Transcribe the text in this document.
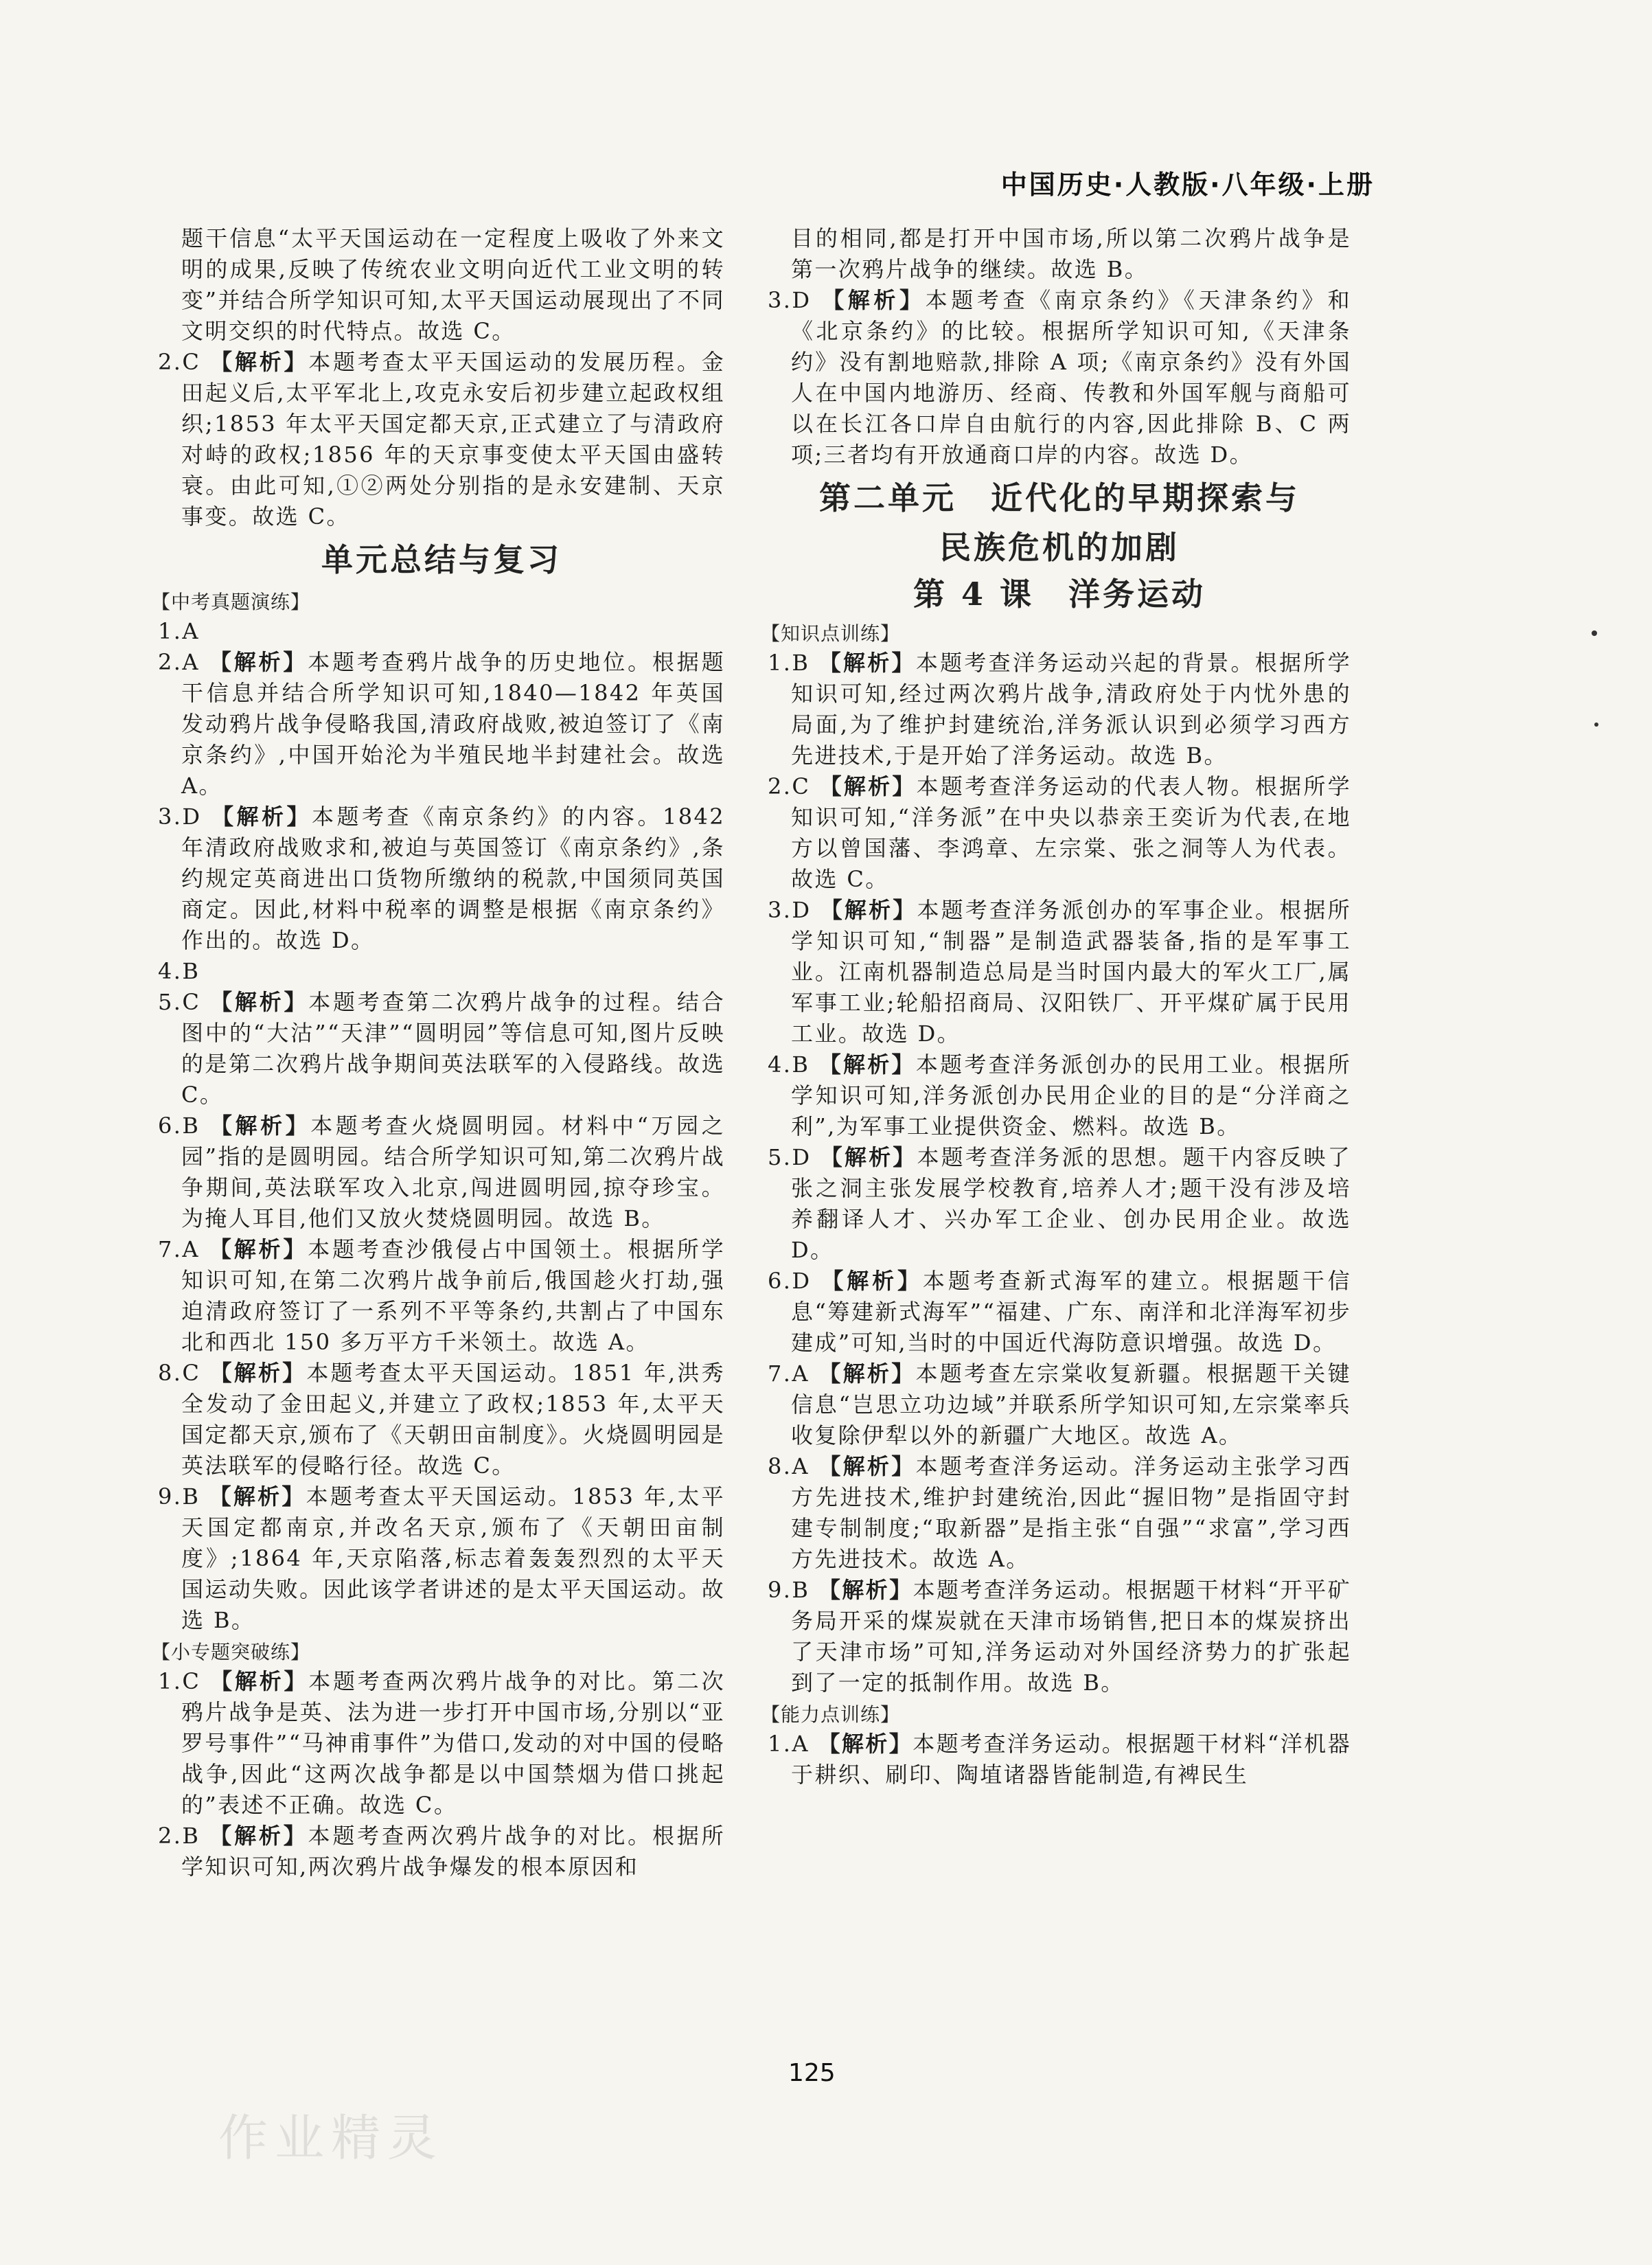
中国历史·人教版·八年级·上册

题干信息“太平天国运动在一定程度上吸收了外来文明的成果,反映了传统农业文明向近代工业文明的转变”并结合所学知识可知,太平天国运动展现出了不同文明交织的时代特点。故选 C。

2.C 【解析】本题考查太平天国运动的发展历程。金田起义后,太平军北上,攻克永安后初步建立起政权组织;1853 年太平天国定都天京,正式建立了与清政府对峙的政权;1856 年的天京事变使太平天国由盛转衰。由此可知,①②两处分别指的是永安建制、天京事变。故选 C。

单元总结与复习
【中考真题演练】

1.A

2.A 【解析】本题考查鸦片战争的历史地位。根据题干信息并结合所学知识可知,1840—1842 年英国发动鸦片战争侵略我国,清政府战败,被迫签订了《南京条约》,中国开始沦为半殖民地半封建社会。故选 A。

3.D 【解析】本题考查《南京条约》的内容。1842 年清政府战败求和,被迫与英国签订《南京条约》,条约规定英商进出口货物所缴纳的税款,中国须同英国商定。因此,材料中税率的调整是根据《南京条约》作出的。故选 D。

4.B

5.C 【解析】本题考查第二次鸦片战争的过程。结合图中的“大沽”“天津”“圆明园”等信息可知,图片反映的是第二次鸦片战争期间英法联军的入侵路线。故选 C。

6.B 【解析】本题考查火烧圆明园。材料中“万园之园”指的是圆明园。结合所学知识可知,第二次鸦片战争期间,英法联军攻入北京,闯进圆明园,掠夺珍宝。为掩人耳目,他们又放火焚烧圆明园。故选 B。

7.A 【解析】本题考查沙俄侵占中国领土。根据所学知识可知,在第二次鸦片战争前后,俄国趁火打劫,强迫清政府签订了一系列不平等条约,共割占了中国东北和西北 150 多万平方千米领土。故选 A。

8.C 【解析】本题考查太平天国运动。1851 年,洪秀全发动了金田起义,并建立了政权;1853 年,太平天国定都天京,颁布了《天朝田亩制度》。火烧圆明园是英法联军的侵略行径。故选 C。

9.B 【解析】本题考查太平天国运动。1853 年,太平天国定都南京,并改名天京,颁布了《天朝田亩制度》;1864 年,天京陷落,标志着轰轰烈烈的太平天国运动失败。因此该学者讲述的是太平天国运动。故选 B。

【小专题突破练】

1.C 【解析】本题考查两次鸦片战争的对比。第二次鸦片战争是英、法为进一步打开中国市场,分别以“亚罗号事件”“马神甫事件”为借口,发动的对中国的侵略战争,因此“这两次战争都是以中国禁烟为借口挑起的”表述不正确。故选 C。

2.B 【解析】本题考查两次鸦片战争的对比。根据所学知识可知,两次鸦片战争爆发的根本原因和

目的相同,都是打开中国市场,所以第二次鸦片战争是第一次鸦片战争的继续。故选 B。

3.D 【解析】本题考查《南京条约》《天津条约》和《北京条约》的比较。根据所学知识可知,《天津条约》没有割地赔款,排除 A 项;《南京条约》没有外国人在中国内地游历、经商、传教和外国军舰与商船可以在长江各口岸自由航行的内容,因此排除 B、C 两项;三者均有开放通商口岸的内容。故选 D。

第二单元　近代化的早期探索与
民族危机的加剧
第 4 课　洋务运动
【知识点训练】

1.B 【解析】本题考查洋务运动兴起的背景。根据所学知识可知,经过两次鸦片战争,清政府处于内忧外患的局面,为了维护封建统治,洋务派认识到必须学习西方先进技术,于是开始了洋务运动。故选 B。

2.C 【解析】本题考查洋务运动的代表人物。根据所学知识可知,“洋务派”在中央以恭亲王奕䜣为代表,在地方以曾国藩、李鸿章、左宗棠、张之洞等人为代表。故选 C。

3.D 【解析】本题考查洋务派创办的军事企业。根据所学知识可知,“制器”是制造武器装备,指的是军事工业。江南机器制造总局是当时国内最大的军火工厂,属军事工业;轮船招商局、汉阳铁厂、开平煤矿属于民用工业。故选 D。

4.B 【解析】本题考查洋务派创办的民用工业。根据所学知识可知,洋务派创办民用企业的目的是“分洋商之利”,为军事工业提供资金、燃料。故选 B。

5.D 【解析】本题考查洋务派的思想。题干内容反映了张之洞主张发展学校教育,培养人才;题干没有涉及培养翻译人才、兴办军工企业、创办民用企业。故选 D。

6.D 【解析】本题考查新式海军的建立。根据题干信息“筹建新式海军”“福建、广东、南洋和北洋海军初步建成”可知,当时的中国近代海防意识增强。故选 D。

7.A 【解析】本题考查左宗棠收复新疆。根据题干关键信息“岂思立功边域”并联系所学知识可知,左宗棠率兵收复除伊犁以外的新疆广大地区。故选 A。

8.A 【解析】本题考查洋务运动。洋务运动主张学习西方先进技术,维护封建统治,因此“握旧物”是指固守封建专制制度;“取新器”是指主张“自强”“求富”,学习西方先进技术。故选 A。

9.B 【解析】本题考查洋务运动。根据题干材料“开平矿务局开采的煤炭就在天津市场销售,把日本的煤炭挤出了天津市场”可知,洋务运动对外国经济势力的扩张起到了一定的抵制作用。故选 B。

【能力点训练】

1.A 【解析】本题考查洋务运动。根据题干材料“洋机器于耕织、刷印、陶埴诸器皆能制造,有裨民生

125
作业精灵
